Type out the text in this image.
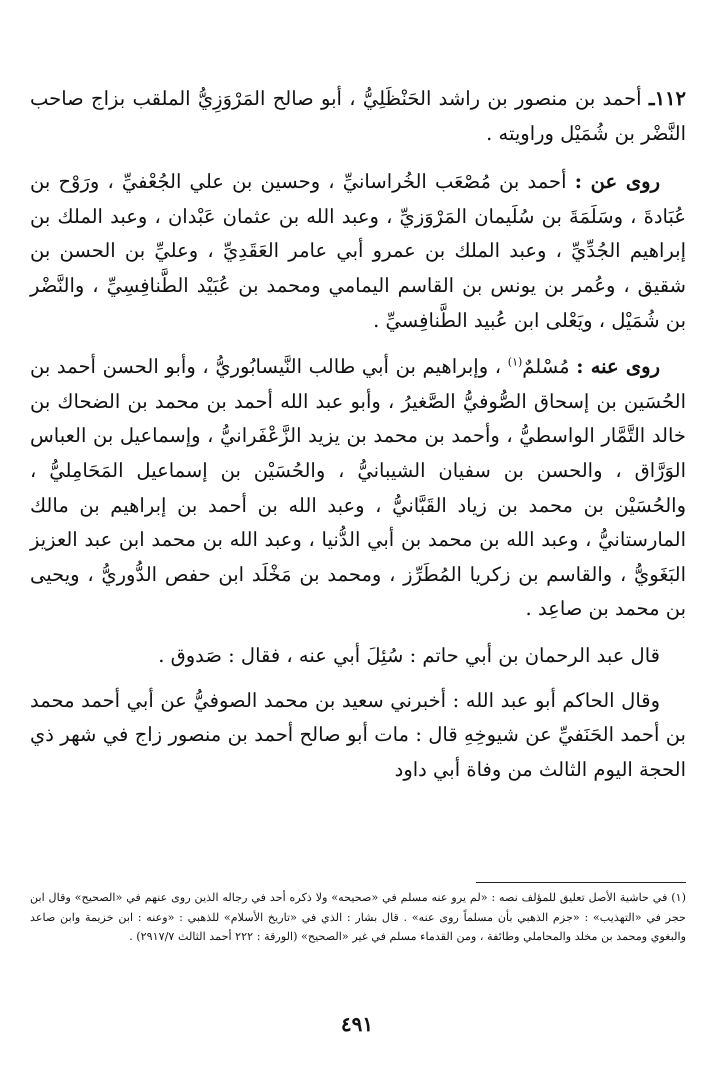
١١٢ـ أحمد بن منصور بن راشد الحَنْظَلِيُّ ، أبو صالح المَرْوَزِيُّ الملقب بزاج صاحب النَّضْر بن شُمَيْل وراويته .

روى عن : أحمد بن مُصْعَب الخُراسانيِّ ، وحسين بن علي الجُعْفيِّ ، ورَوْح بن عُبَادةَ ، وسَلَمَةَ بن سُلَيمان المَرْوَزيِّ ، وعبد الله بن عثمان عَبْدان ، وعبد الملك بن إبراهيم الجُدِّيِّ ، وعبد الملك بن عمرو أبي عامر العَقَدِيِّ ، وعليِّ بن الحسن بن شقيق ، وعُمر بن يونس بن القاسم اليمامي ومحمد بن عُبَيْد الطَّنافِسِيِّ ، والنَّضْر بن شُمَيْل ، ويَعْلى ابن عُبيد الطَّنافِسيِّ .

روى عنه : مُسْلمٌ$^{(١)}$ ، وإبراهيم بن أبي طالب النَّيسابُوريُّ ، وأبو الحسن أحمد بن الحُسَين بن إسحاق الصُّوفيُّ الصَّغيرُ ، وأبو عبد الله أحمد بن محمد بن الضحاك بن خالد التَّمَّار الواسطيُّ ، وأحمد بن محمد بن يزيد الزَّعْفَرانيُّ ، وإسماعيل بن العباس الوَرَّاق ، والحسن بن سفيان الشيبانيُّ ، والحُسَيْن بن إسماعيل المَحَامِليُّ ، والحُسَيْن بن محمد بن زياد القَبَّانيُّ ، وعبد الله بن أحمد بن إبراهيم بن مالك المارستانيُّ ، وعبد الله بن محمد بن أبي الدُّنيا ، وعبد الله بن محمد ابن عبد العزيز البَغَويُّ ، والقاسم بن زكريا المُطَرِّز ، ومحمد بن مَخْلَد ابن حفص الدُّوريُّ ، ويحيى بن محمد بن صاعِد .

قال عبد الرحمان بن أبي حاتم : سُئِلَ أبي عنه ، فقال : صَدوق .

وقال الحاكم أبو عبد الله : أخبرني سعيد بن محمد الصوفيُّ عن أبي أحمد محمد بن أحمد الحَنَفيِّ عن شيوخِهِ قال : مات أبو صالح أحمد بن منصور زاج في شهر ذي الحجة اليوم الثالث من وفاة أبي داود

(١) في حاشية الأصل تعليق للمؤلف نصه : «لم يرو عنه مسلم في «صحيحه» ولا ذكره أحد في رجاله الذين روى عنهم في «الصحيح» وقال ابن حجر في «التهذيب» : «جزم الذهبي بأن مسلماً روى عنه» . قال بشار : الذي في «تاريخ الأسلام» للذهبي : «وعنه : ابن خزيمة وابن صاعد والبغوي ومحمد بن مخلد والمحاملي وطائفة ، ومن القدماء مسلم في غير «الصحيح» (الورقة : ٢٢٢ أحمد الثالث ٢٩١٧/٧) .
٤٩١
